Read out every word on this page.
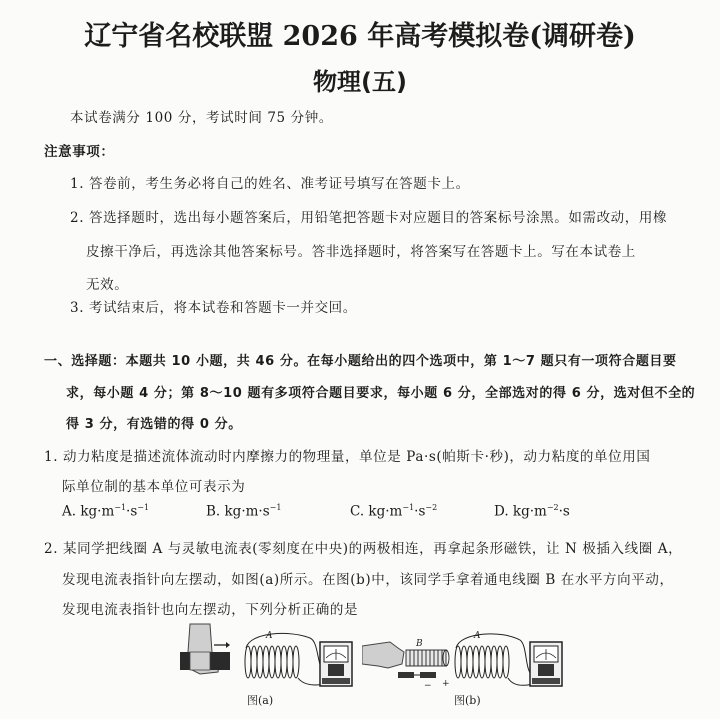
辽宁省名校联盟 2026 年高考模拟卷(调研卷)
物理(五)
本试卷满分 100 分，考试时间 75 分钟。
注意事项：
1. 答卷前，考生务必将自己的姓名、准考证号填写在答题卡上。
2. 答选择题时，选出每小题答案后，用铅笔把答题卡对应题目的答案标号涂黑。如需改动，用橡
皮擦干净后，再选涂其他答案标号。答非选择题时，将答案写在答题卡上。写在本试卷上
无效。
3. 考试结束后，将本试卷和答题卡一并交回。
一、选择题：本题共 10 小题，共 46 分。在每小题给出的四个选项中，第 1～7 题只有一项符合题目要
求，每小题 4 分；第 8～10 题有多项符合题目要求，每小题 6 分，全部选对的得 6 分，选对但不全的
得 3 分，有选错的得 0 分。
1. 动力粘度是描述流体流动时内摩擦力的物理量，单位是 Pa·s(帕斯卡·秒)，动力粘度的单位用国
际单位制的基本单位可表示为
A. $kg\cdot m^{-1}\cdot s^{-1}$	B. $kg\cdot m\cdot s^{-1}$	C. $kg\cdot m^{-1}\cdot s^{-2}$	D. $kg\cdot m^{-2}\cdot s$
2. 某同学把线圈 A 与灵敏电流表(零刻度在中央)的两极相连，再拿起条形磁铁，让 N 极插入线圈 A，
发现电流表指针向左摆动，如图(a)所示。在图(b)中，该同学手拿着通电线圈 B 在水平方向平动，
发现电流表指针也向左摆动，下列分析正确的是
A
图(a)
B
− +
A
图(b)
